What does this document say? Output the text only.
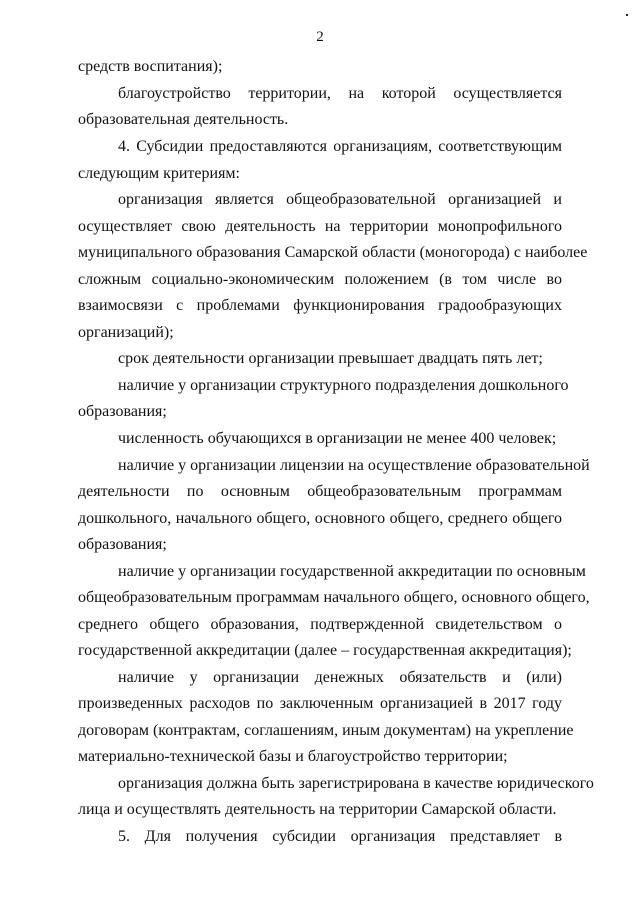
2
средств воспитания);
благоустройство территории, на которой осуществляется
образовательная деятельность.
4. Субсидии предоставляются организациям, соответствующим
следующим критериям:
организация является общеобразовательной организацией и
осуществляет свою деятельность на территории монопрофильного
муниципального образования Самарской области (моногорода) с наиболее
сложным социально-экономическим положением (в том числе во
взаимосвязи с проблемами функционирования градообразующих
организаций);
срок деятельности организации превышает двадцать пять лет;
наличие у организации структурного подразделения дошкольного
образования;
численность обучающихся в организации не менее 400 человек;
наличие у организации лицензии на осуществление образовательной
деятельности по основным общеобразовательным программам
дошкольного, начального общего, основного общего, среднего общего
образования;
наличие у организации государственной аккредитации по основным
общеобразовательным программам начального общего, основного общего,
среднего общего образования, подтвержденной свидетельством о
государственной аккредитации (далее – государственная аккредитация);
наличие у организации денежных обязательств и (или)
произведенных расходов по заключенным организацией в 2017 году
договорам (контрактам, соглашениям, иным документам) на укрепление
материально-технической базы и благоустройство территории;
организация должна быть зарегистрирована в качестве юридического
лица и осуществлять деятельность на территории Самарской области.
5. Для получения субсидии организация представляет в
